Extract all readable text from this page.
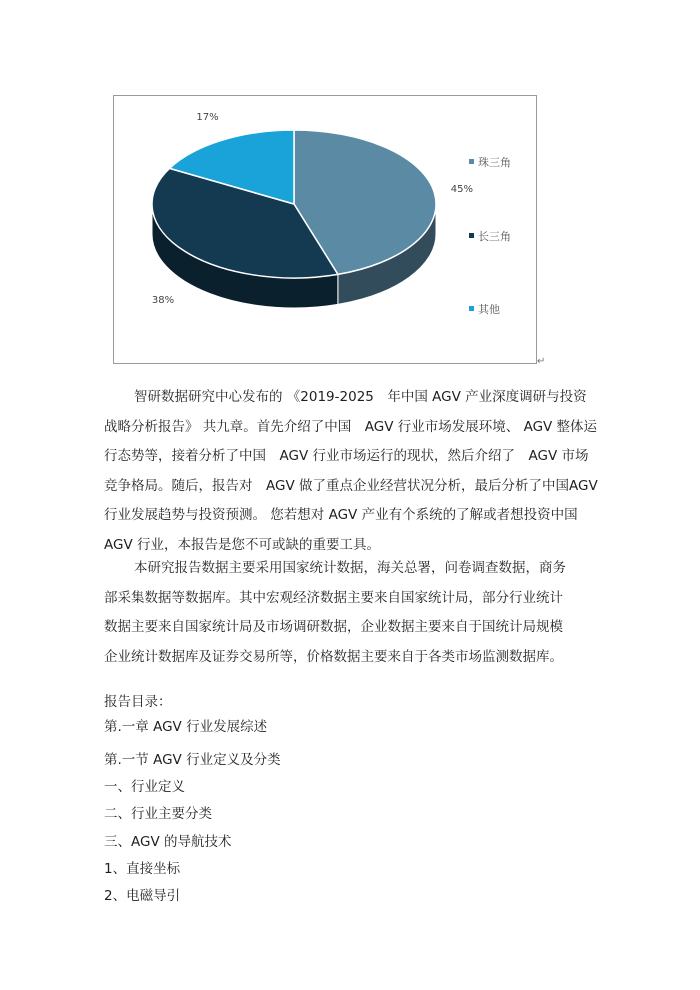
45%
38%
17%
珠三角
长三角
其他
↵
智研数据研究中心发布的 《2019-2025　年中国 AGV 产业深度调研与投资
战略分析报告》 共九章。首先介绍了中国　AGV 行业市场发展环境、 AGV 整体运
行态势等，接着分析了中国　AGV 行业市场运行的现状，然后介绍了　AGV 市场
竞争格局。随后，报告对　AGV 做了重点企业经营状况分析，最后分析了中国AGV
行业发展趋势与投资预测。 您若想对 AGV 产业有个系统的了解或者想投资中国
AGV 行业，本报告是您不可或缺的重要工具。
本研究报告数据主要采用国家统计数据，海关总署，问卷调查数据，商务
部采集数据等数据库。其中宏观经济数据主要来自国家统计局，部分行业统计
数据主要来自国家统计局及市场调研数据，企业数据主要来自于国统计局规模
企业统计数据库及证券交易所等，价格数据主要来自于各类市场监测数据库。
报告目录：
第.一章 AGV 行业发展综述
第.一节 AGV 行业定义及分类
一、行业定义
二、行业主要分类
三、AGV 的导航技术
1、直接坐标
2、电磁导引
